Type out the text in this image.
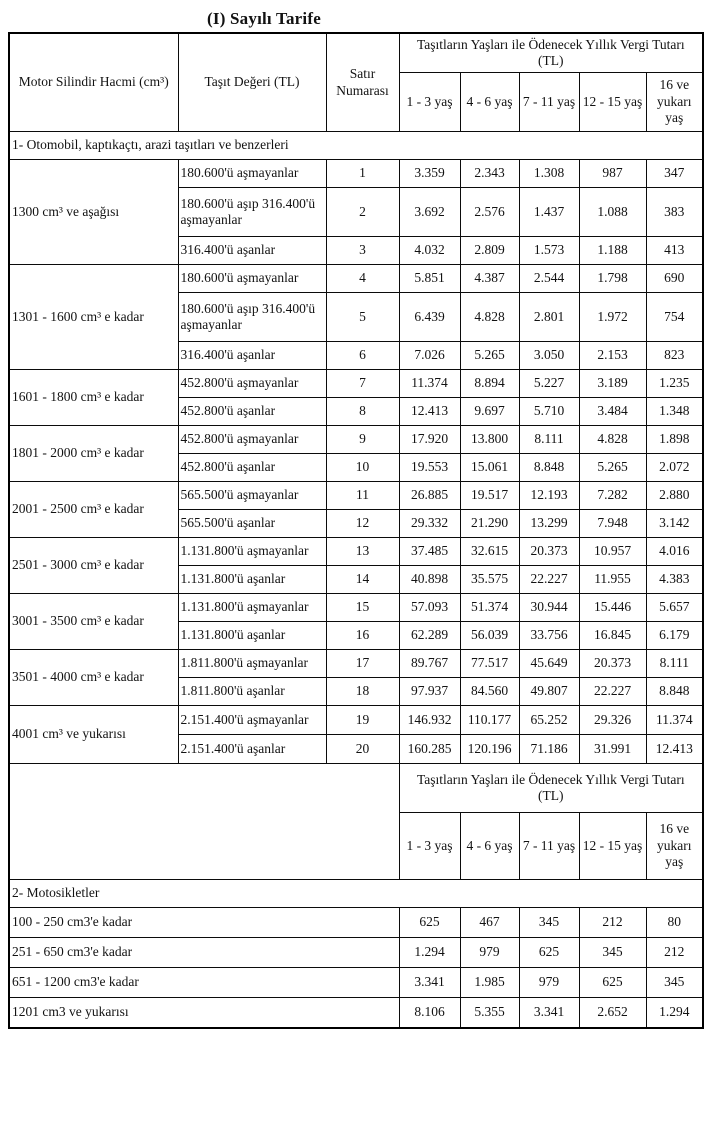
(I) Sayılı Tarife
Motor Silindir Hacmi (cm³)	Taşıt Değeri (TL)	Satır Numarası	Taşıtların Yaşları ile Ödenecek Yıllık Vergi Tutarı
(TL)				

			1 - 3 yaş	4 - 6 yaş	7 - 11 yaş	12 - 15 yaş	16 ve yukarı yaş
1- Otomobil, kaptıkaçtı, arazi taşıtları ve benzerleri							
1300 cm³ ve aşağısı	180.600'ü aşmayanlar	1	3.359	2.343	1.308	987	347
	180.600'ü aşıp 316.400'ü aşmayanlar	2	3.692	2.576	1.437	1.088	383
	316.400'ü aşanlar	3	4.032	2.809	1.573	1.188	413
1301 - 1600 cm³ e kadar	180.600'ü aşmayanlar	4	5.851	4.387	2.544	1.798	690
	180.600'ü aşıp 316.400'ü aşmayanlar	5	6.439	4.828	2.801	1.972	754
	316.400'ü aşanlar	6	7.026	5.265	3.050	2.153	823
1601 - 1800 cm³ e kadar	452.800'ü aşmayanlar	7	11.374	8.894	5.227	3.189	1.235
	452.800'ü aşanlar	8	12.413	9.697	5.710	3.484	1.348
1801 - 2000 cm³ e kadar	452.800'ü aşmayanlar	9	17.920	13.800	8.111	4.828	1.898
	452.800'ü aşanlar	10	19.553	15.061	8.848	5.265	2.072
2001 - 2500 cm³ e kadar	565.500'ü aşmayanlar	11	26.885	19.517	12.193	7.282	2.880
	565.500'ü aşanlar	12	29.332	21.290	13.299	7.948	3.142
2501 - 3000 cm³ e kadar	1.131.800'ü aşmayanlar	13	37.485	32.615	20.373	10.957	4.016
	1.131.800'ü aşanlar	14	40.898	35.575	22.227	11.955	4.383
3001 - 3500 cm³ e kadar	1.131.800'ü aşmayanlar	15	57.093	51.374	30.944	15.446	5.657
	1.131.800'ü aşanlar	16	62.289	56.039	33.756	16.845	6.179
3501 - 4000 cm³ e kadar	1.811.800'ü aşmayanlar	17	89.767	77.517	45.649	20.373	8.111
	1.811.800'ü aşanlar	18	97.937	84.560	49.807	22.227	8.848
4001 cm³ ve yukarısı	2.151.400'ü aşmayanlar	19	146.932	110.177	65.252	29.326	11.374
	2.151.400'ü aşanlar	20	160.285	120.196	71.186	31.991	12.413

			Taşıtların Yaşları ile Ödenecek Yıllık Vergi Tutarı
(TL)				

			1 - 3 yaş	4 - 6 yaş	7 - 11 yaş	12 - 15 yaş	16 ve yukarı yaş
2- Motosikletler							
100 - 250 cm3'e kadar			625	467	345	212	80
251 - 650 cm3'e kadar			1.294	979	625	345	212
651 - 1200 cm3'e kadar			3.341	1.985	979	625	345
1201 cm3 ve yukarısı			8.106	5.355	3.341	2.652	1.294
